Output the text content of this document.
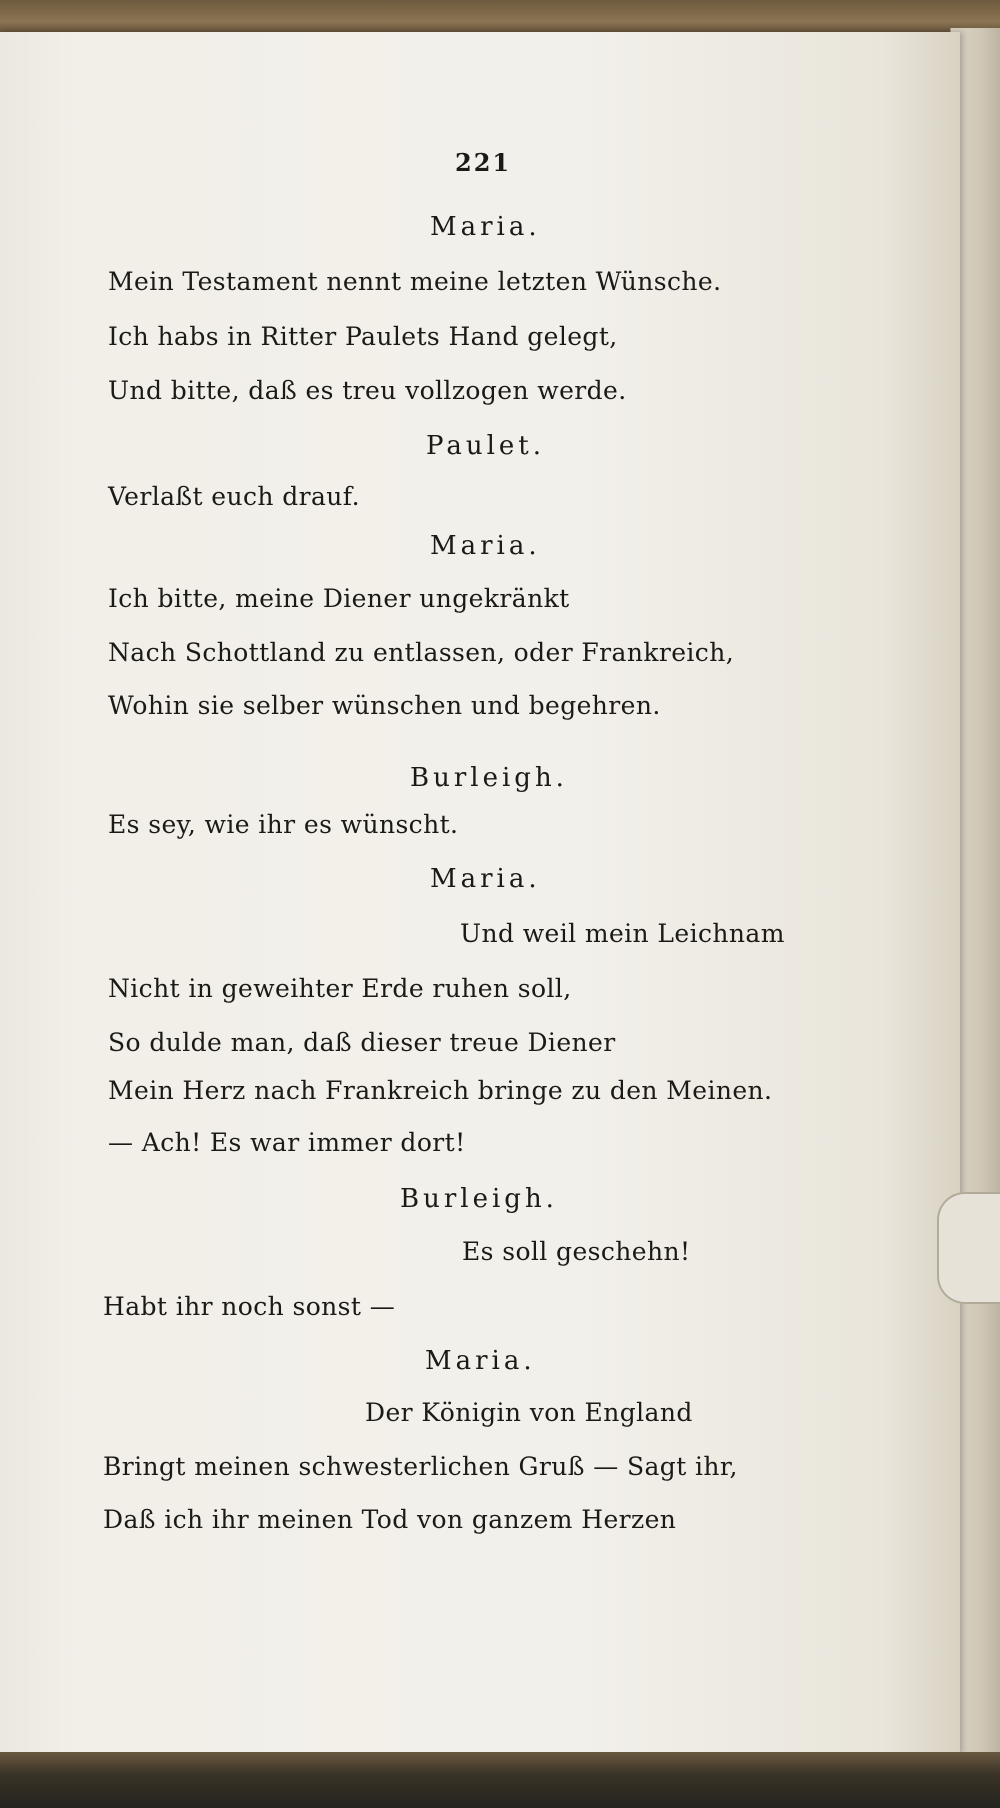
221
Maria.
Mein Testament nennt meine letzten Wünsche.
Ich habs in Ritter Paulets Hand gelegt,
Und bitte, daß es treu vollzogen werde.
Paulet.
Verlaßt euch drauf.
Maria.
Ich bitte, meine Diener ungekränkt
Nach Schottland zu entlassen, oder Frankreich,
Wohin sie selber wünschen und begehren.
Burleigh.
Es sey, wie ihr es wünscht.
Maria.
Und weil mein Leichnam
Nicht in geweihter Erde ruhen soll,
So dulde man, daß dieser treue Diener
Mein Herz nach Frankreich bringe zu den Meinen.
— Ach! Es war immer dort!
Burleigh.
Es soll geschehn!
Habt ihr noch sonst —
Maria.
Der Königin von England
Bringt meinen schwesterlichen Gruß — Sagt ihr,
Daß ich ihr meinen Tod von ganzem Herzen
